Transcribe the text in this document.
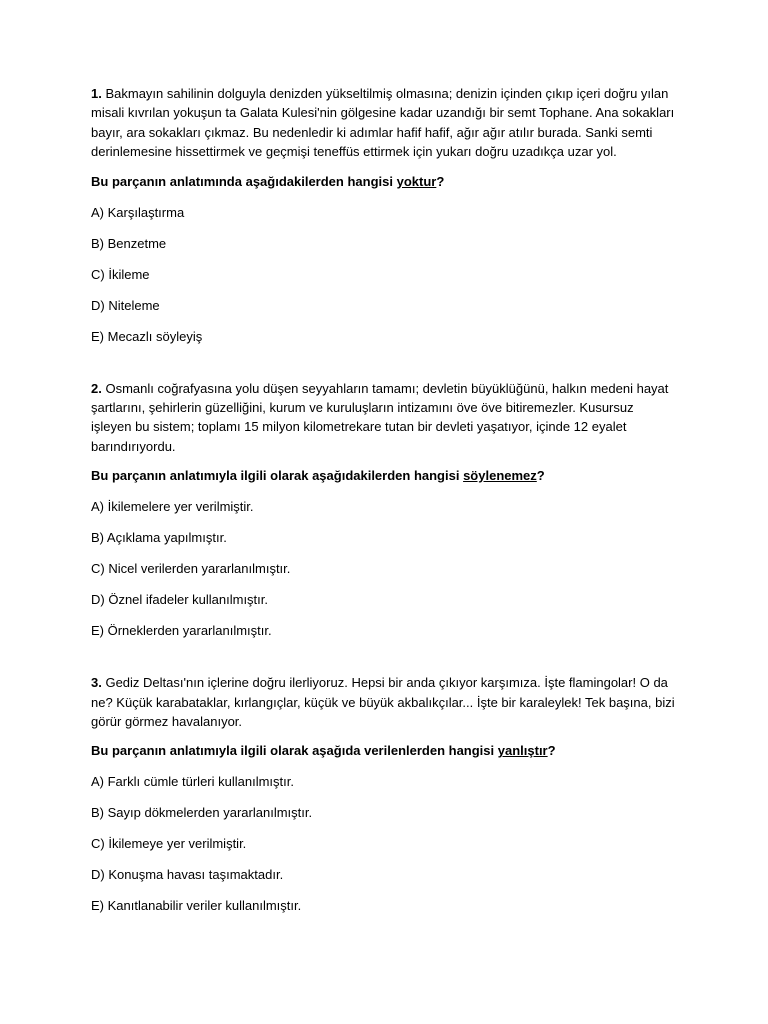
1. Bakmayın sahilinin dolguyla denizden yükseltilmiş olmasına; denizin içinden çıkıp içeri doğru yılan misali kıvrılan yokuşun ta Galata Kulesi'nin gölgesine kadar uzandığı bir semt Tophane. Ana sokakları bayır, ara sokakları çıkmaz. Bu nedenledir ki adımlar hafif hafif, ağır ağır atılır burada. Sanki semti derinlemesine hissettirmek ve geçmişi teneffüs ettirmek için yukarı doğru uzadıkça uzar yol.

Bu parçanın anlatımında aşağıdakilerden hangisi yoktur?

A) Karşılaştırma
B) Benzetme
C) İkileme
D) Niteleme
E) Mecazlı söyleyiş

2. Osmanlı coğrafyasına yolu düşen seyyahların tamamı; devletin büyüklüğünü, halkın medeni hayat şartlarını, şehirlerin güzelliğini, kurum ve kuruluşların intizamını öve öve bitiremezler. Kusursuz işleyen bu sistem; toplamı 15 milyon kilometrekare tutan bir devleti yaşatıyor, içinde 12 eyalet barındırıyordu.

Bu parçanın anlatımıyla ilgili olarak aşağıdakilerden hangisi söylenemez?

A) İkilemelere yer verilmiştir.
B) Açıklama yapılmıştır.
C) Nicel verilerden yararlanılmıştır.
D) Öznel ifadeler kullanılmıştır.
E) Örneklerden yararlanılmıştır.

3. Gediz Deltası'nın içlerine doğru ilerliyoruz. Hepsi bir anda çıkıyor karşımıza. İşte flamingolar! O da ne? Küçük karabataklar, kırlangıçlar, küçük ve büyük akbalıkçılar... İşte bir karaleylek! Tek başına, bizi görür görmez havalanıyor.

Bu parçanın anlatımıyla ilgili olarak aşağıda verilenlerden hangisi yanlıştır?

A) Farklı cümle türleri kullanılmıştır.
B) Sayıp dökmelerden yararlanılmıştır.
C) İkilemeye yer verilmiştir.
D) Konuşma havası taşımaktadır.
E) Kanıtlanabilir veriler kullanılmıştır.
